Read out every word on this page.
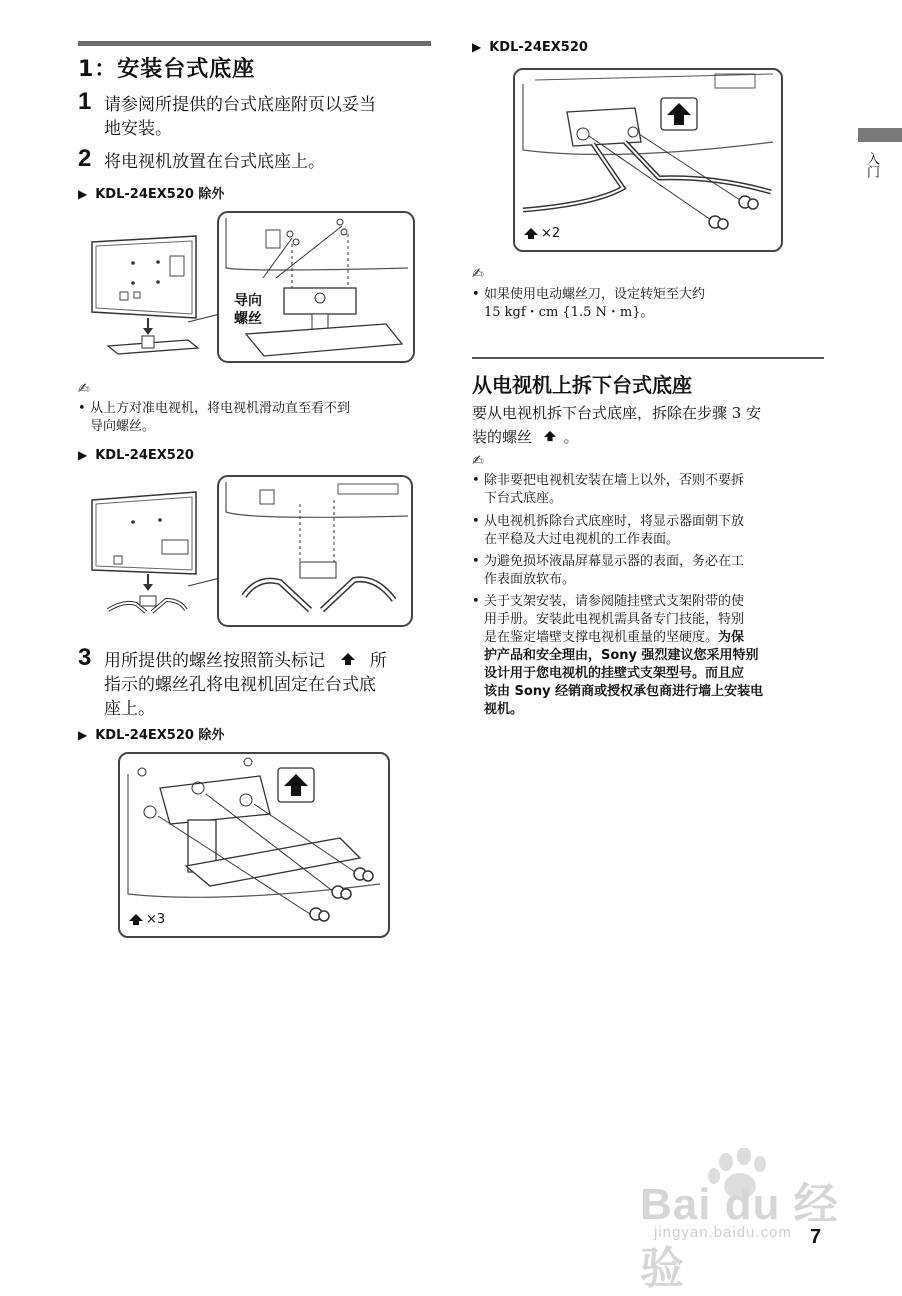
1：安装台式底座
1 请参阅所提供的台式底座附页以妥当
地安装。
2 将电视机放置在台式底座上。
▶ KDL-24EX520 除外
导向
螺丝
✍
• 从上方对准电视机，将电视机滑动直至看不到
导向螺丝。
▶ KDL-24EX520
3 用所提供的螺丝按照箭头标记	所
指示的螺丝孔将电视机固定在台式底
座上。
▶ KDL-24EX520 除外
×3
▶ KDL-24EX520
×2
✍
• 如果使用电动螺丝刀，设定转矩至大约
15 kgf・cm {1.5 N・m}。
从电视机上拆下台式底座
要从电视机拆下台式底座，拆除在步骤 3 安
装的螺丝 。
✍
• 除非要把电视机安装在墙上以外，否则不要拆
下台式底座。
• 从电视机拆除台式底座时，将显示器面朝下放
在平稳及大过电视机的工作表面。
• 为避免损坏液晶屏幕显示器的表面，务必在工
作表面放软布。
• 关于支架安装，请参阅随挂壁式支架附带的使
用手册。安装此电视机需具备专门技能，特别
是在鉴定墙壁支撑电视机重量的坚硬度。为保
护产品和安全理由，Sony 强烈建议您采用特别
设计用于您电视机的挂壁式支架型号。而且应
该由 Sony 经销商或授权承包商进行墙上安装电
视机。
入门
Bai du 经验
jingyan.baidu.com 7
